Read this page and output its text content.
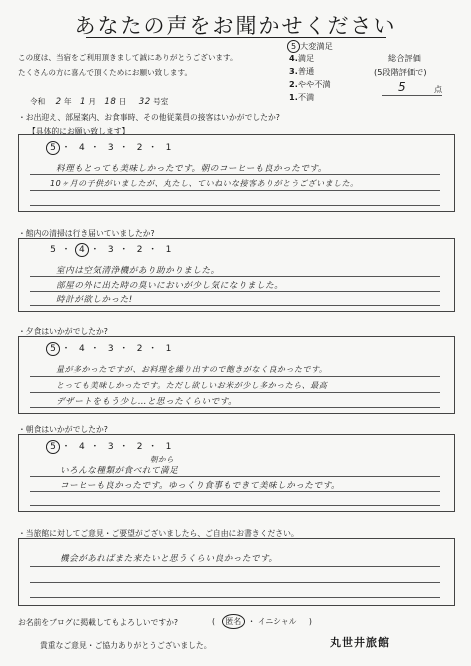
あなたの声をお聞かせください
この度は、当宿をご利用頂きまして誠にありがとうございます。
たくさんの方に喜んで頂くためにお願い致します。
5 大変満足
4.満足
3.普通
2.やや不満
1.不満
総合評価
(5段階評価で)
5	点
令和 2 年 1 月 18 日 32 号室
・お出迎え、部屋案内、お食事時、その他従業員の接客はいかがでしたか?
【具体的にお願い致します】
5 ・ 4 ・ 3 ・ 2 ・ 1
料理もとっても美味しかったです。朝のコーヒーも良かったです。
10ヶ月の子供がいましたが、丸たし、ていねいな接客ありがとうございました。
・館内の清掃は行き届いていましたか?
5 ・ 4 ・ 3 ・ 2 ・ 1
室内は空気清浄機があり助かりました。
部屋の外に出た時の臭いにおいが少し気になりました。
時計が欲しかった!
・夕食はいかがでしたか?
5 ・ 4 ・ 3 ・ 2 ・ 1
量が多かったですが、お料理を繰り出すので飽きがなく良かったです。
とっても美味しかったです。ただし欲しいお米が少し多かったら、最高
デザートをもう少し…と思ったくらいです。
・朝食はいかがでしたか?
5 ・ 4 ・ 3 ・ 2 ・ 1
朝から
いろんな種類が食べれて満足
コーヒーも良かったです。ゆっくり食事もできて美味しかったです。
・当旅館に対してご意見・ご要望がございましたら、ご自由にお書きください。
機会があればまた来たいと思うくらい良かったです。
お名前をブログに掲載してもよろしいですか?	( 匿名 ・ イニシャル )
貴重なご意見・ご協力ありがとうございました。	丸世井旅館
